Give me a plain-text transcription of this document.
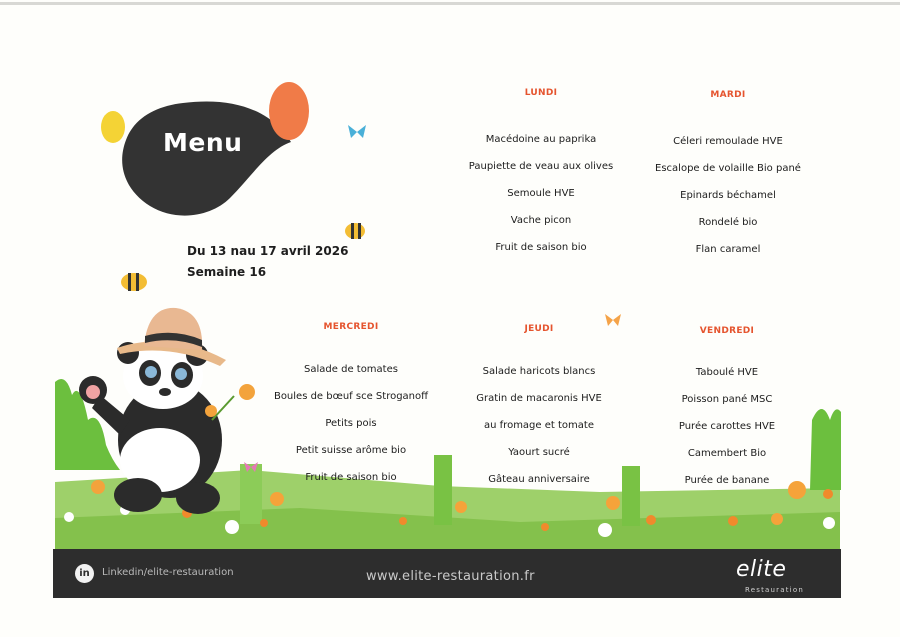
Menu
Du 13 nau 17 avril 2026
Semaine 16
LUNDI
Macédoine au paprika
Paupiette de veau aux olives
Semoule HVE
Vache picon
Fruit de saison bio
MARDI
Céleri remoulade HVE
Escalope de volaille Bio pané
Epinards béchamel
Rondelé bio
Flan caramel
MERCREDI
Salade de tomates
Boules de bœuf sce Stroganoff
Petits pois
Petit suisse arôme bio
Fruit de saison bio
JEUDI
Salade haricots blancs
Gratin de macaronis HVE
au fromage et tomate
Yaourt sucré
Gâteau anniversaire
VENDREDI
Taboulé HVE
Poisson pané MSC
Purée carottes HVE
Camembert Bio
Purée de banane
in	Linkedin/elite-restauration	www.elite-restauration.fr	elite
Restauration
